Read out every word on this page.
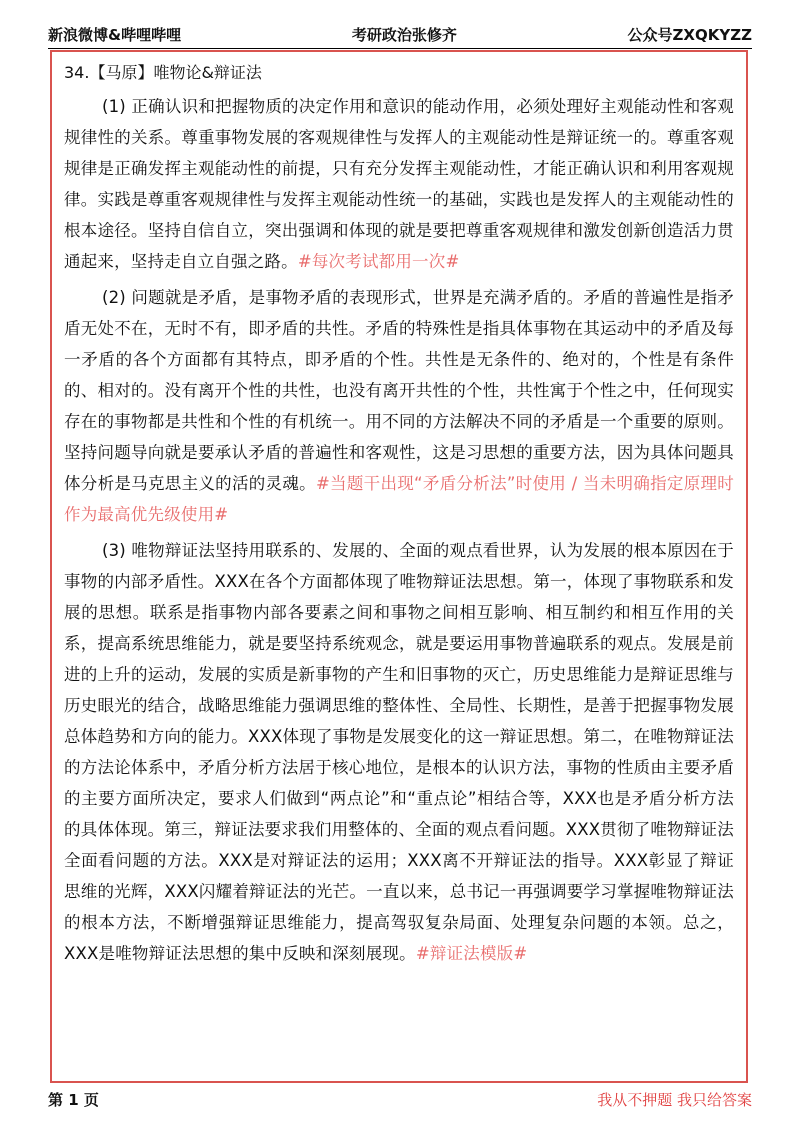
新浪微博&哔哩哔哩	考研政治张修齐	公众号ZXQKYZZ
34.【马原】唯物论&辩证法

(1) 正确认识和把握物质的决定作用和意识的能动作用，必须处理好主观能动性和客观规律性的关系。尊重事物发展的客观规律性与发挥人的主观能动性是辩证统一的。尊重客观规律是正确发挥主观能动性的前提，只有充分发挥主观能动性，才能正确认识和利用客观规律。实践是尊重客观规律性与发挥主观能动性统一的基础，实践也是发挥人的主观能动性的根本途径。坚持自信自立，突出强调和体现的就是要把尊重客观规律和激发创新创造活力贯通起来，坚持走自立自强之路。#每次考试都用一次#

(2) 问题就是矛盾，是事物矛盾的表现形式，世界是充满矛盾的。矛盾的普遍性是指矛盾无处不在，无时不有，即矛盾的共性。矛盾的特殊性是指具体事物在其运动中的矛盾及每一矛盾的各个方面都有其特点，即矛盾的个性。共性是无条件的、绝对的，个性是有条件的、相对的。没有离开个性的共性，也没有离开共性的个性，共性寓于个性之中，任何现实存在的事物都是共性和个性的有机统一。用不同的方法解决不同的矛盾是一个重要的原则。坚持问题导向就是要承认矛盾的普遍性和客观性，这是习思想的重要方法，因为具体问题具体分析是马克思主义的活的灵魂。#当题干出现“矛盾分析法”时使用 / 当未明确指定原理时作为最高优先级使用#

(3) 唯物辩证法坚持用联系的、发展的、全面的观点看世界，认为发展的根本原因在于事物的内部矛盾性。XXX在各个方面都体现了唯物辩证法思想。第一，体现了事物联系和发展的思想。联系是指事物内部各要素之间和事物之间相互影响、相互制约和相互作用的关系，提高系统思维能力，就是要坚持系统观念，就是要运用事物普遍联系的观点。发展是前进的上升的运动，发展的实质是新事物的产生和旧事物的灭亡，历史思维能力是辩证思维与历史眼光的结合，战略思维能力强调思维的整体性、全局性、长期性，是善于把握事物发展总体趋势和方向的能力。XXX体现了事物是发展变化的这一辩证思想。第二，在唯物辩证法的方法论体系中，矛盾分析方法居于核心地位，是根本的认识方法，事物的性质由主要矛盾的主要方面所决定，要求人们做到“两点论”和“重点论”相结合等，XXX也是矛盾分析方法的具体体现。第三，辩证法要求我们用整体的、全面的观点看问题。XXX贯彻了唯物辩证法全面看问题的方法。XXX是对辩证法的运用；XXX离不开辩证法的指导。XXX彰显了辩证思维的光辉，XXX闪耀着辩证法的光芒。一直以来，总书记一再强调要学习掌握唯物辩证法的根本方法，不断增强辩证思维能力，提高驾驭复杂局面、处理复杂问题的本领。总之，XXX是唯物辩证法思想的集中反映和深刻展现。#辩证法模版#

第 1 页	我从不押题 我只给答案
